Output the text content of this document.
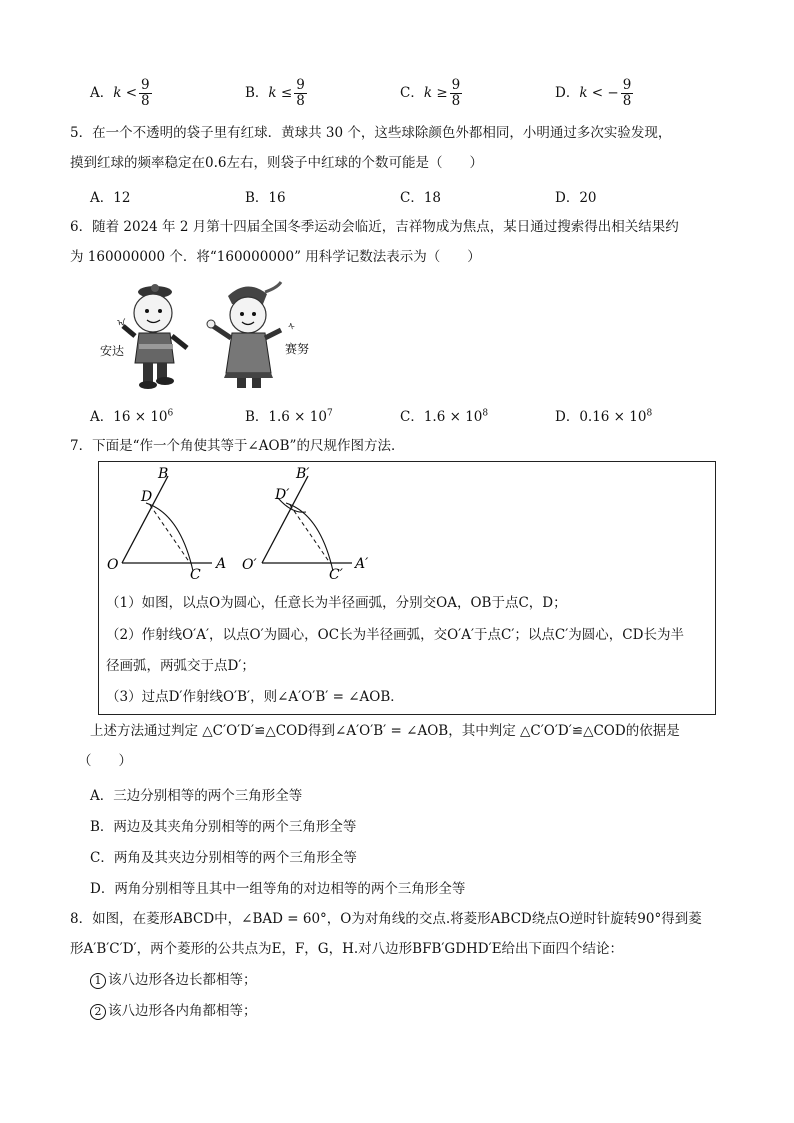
A．$k < \frac{9}{8}$	B．$k \le \frac{9}{8}$	C．$k \ge \frac{9}{8}$	D．k < − $\frac{9}{8}$
5．在一个不透明的袋子里有红球．黄球共 30 个，这些球除颜色外都相同，小明通过多次实验发现，
摸到红球的频率稳定在0.6左右，则袋子中红球的个数可能是（　　）
A．12	B．16	C．18	D．20
6．随着 2024 年 2 月第十四届全国冬季运动会临近，吉祥物成为焦点，某日通过搜索得出相关结果约
为 160000000 个．将“160000000” 用科学记数法表示为（　　）
ᠠ
安达
ᠰ
赛努
A．$16 \times 10^6$	B．$1.6 \times 10^7$	C．$1.6 \times 10^8$	D．$0.16 \times 10^8$
7．下面是“作一个角使其等于∠AOB”的尺规作图方法．
B
D
O	A
C
B′
D′
O′	A′
C′
（1）如图，以点O为圆心，任意长为半径画弧，分别交OA，OB于点C，D；
（2）作射线O′A′，以点O′为圆心，OC长为半径画弧，交O′A′于点C′；以点C′为圆心，CD长为半
径画弧，两弧交于点D′；
（3）过点D′作射线O′B′，则∠A′O′B′ = ∠AOB．
上述方法通过判定 △C′O′D′≌△COD得到∠A′O′B′ = ∠AOB，其中判定 △C′O′D′≌△COD的依据是
（　　）
A．三边分别相等的两个三角形全等
B．两边及其夹角分别相等的两个三角形全等
C．两角及其夹边分别相等的两个三角形全等
D．两角分别相等且其中一组等角的对边相等的两个三角形全等
8．如图，在菱形ABCD中，∠BAD = 60°，O为对角线的交点.将菱形ABCD绕点O逆时针旋转90°得到菱
形A′B′C′D′，两个菱形的公共点为E，F，G，H.对八边形BFB′GDHD′E给出下面四个结论：
1 该八边形各边长都相等；
2 该八边形各内角都相等；
